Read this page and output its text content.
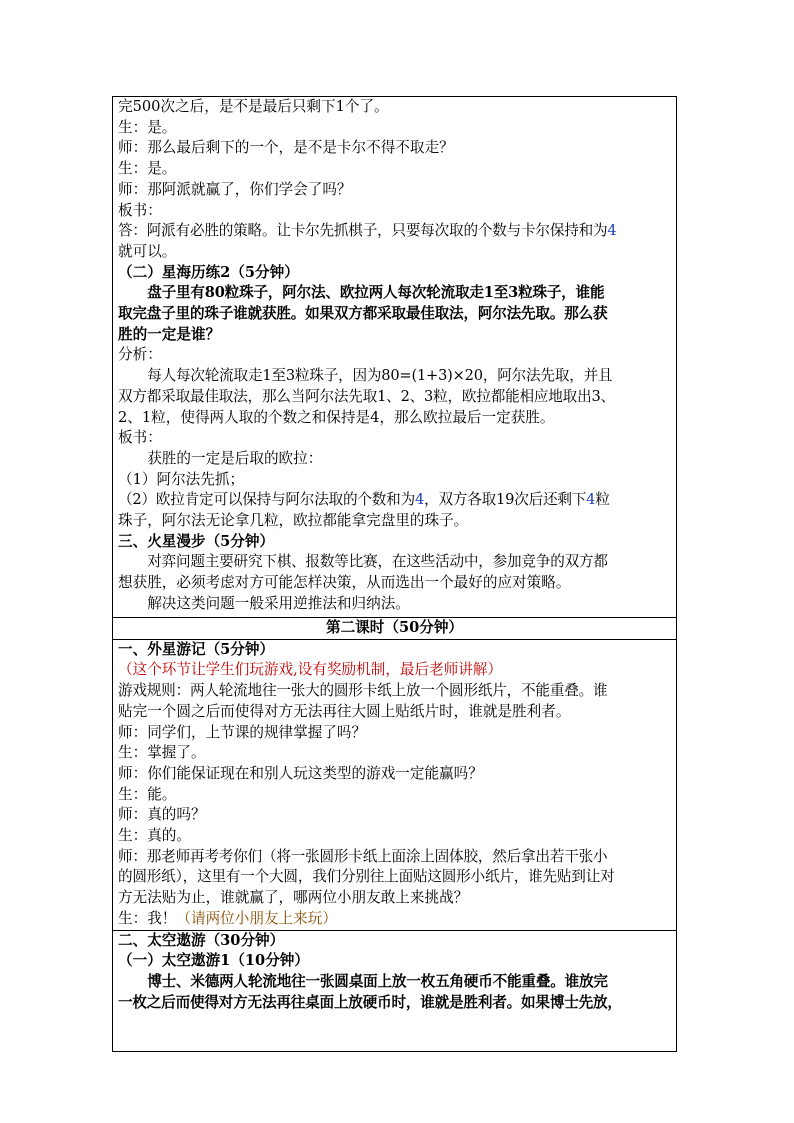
完500次之后，是不是最后只剩下1个了。
生：是。
师：那么最后剩下的一个，是不是卡尔不得不取走？
生：是。
师：那阿派就赢了，你们学会了吗？
板书：
答：阿派有必胜的策略。让卡尔先抓棋子，只要每次取的个数与卡尔保持和为4
就可以。
（二）星海历练2（5分钟）
盘子里有80粒珠子，阿尔法、欧拉两人每次轮流取走1至3粒珠子，谁能
取完盘子里的珠子谁就获胜。如果双方都采取最佳取法，阿尔法先取。那么获
胜的一定是谁？
分析：
每人每次轮流取走1至3粒珠子，因为80=(1+3)×20，阿尔法先取，并且
双方都采取最佳取法，那么当阿尔法先取1、2、3粒，欧拉都能相应地取出3、
2、1粒，使得两人取的个数之和保持是4，那么欧拉最后一定获胜。
板书：
获胜的一定是后取的欧拉：
（1）阿尔法先抓；
（2）欧拉肯定可以保持与阿尔法取的个数和为4，双方各取19次后还剩下4粒
珠子，阿尔法无论拿几粒，欧拉都能拿完盘里的珠子。
三、火星漫步（5分钟）
对弈问题主要研究下棋、报数等比赛，在这些活动中，参加竞争的双方都
想获胜，必须考虑对方可能怎样决策，从而选出一个最好的应对策略。
解决这类问题一般采用逆推法和归纳法。

第二课时（50分钟）

一、外星游记（5分钟）
（这个环节让学生们玩游戏,设有奖励机制，最后老师讲解）
游戏规则：两人轮流地往一张大的圆形卡纸上放一个圆形纸片，不能重叠。谁
贴完一个圆之后而使得对方无法再往大圆上贴纸片时，谁就是胜利者。
师：同学们，上节课的规律掌握了吗？
生：掌握了。
师：你们能保证现在和别人玩这类型的游戏一定能赢吗？
生：能。
师：真的吗？
生：真的。
师：那老师再考考你们（将一张圆形卡纸上面涂上固体胶，然后拿出若干张小
的圆形纸），这里有一个大圆，我们分别往上面贴这圆形小纸片，谁先贴到让对
方无法贴为止，谁就赢了，哪两位小朋友敢上来挑战？
生：我！（请两位小朋友上来玩）

二、太空遨游（30分钟）
（一）太空遨游1（10分钟）
博士、米德两人轮流地往一张圆桌面上放一枚五角硬币不能重叠。谁放完
一枚之后而使得对方无法再往桌面上放硬币时，谁就是胜利者。如果博士先放，
